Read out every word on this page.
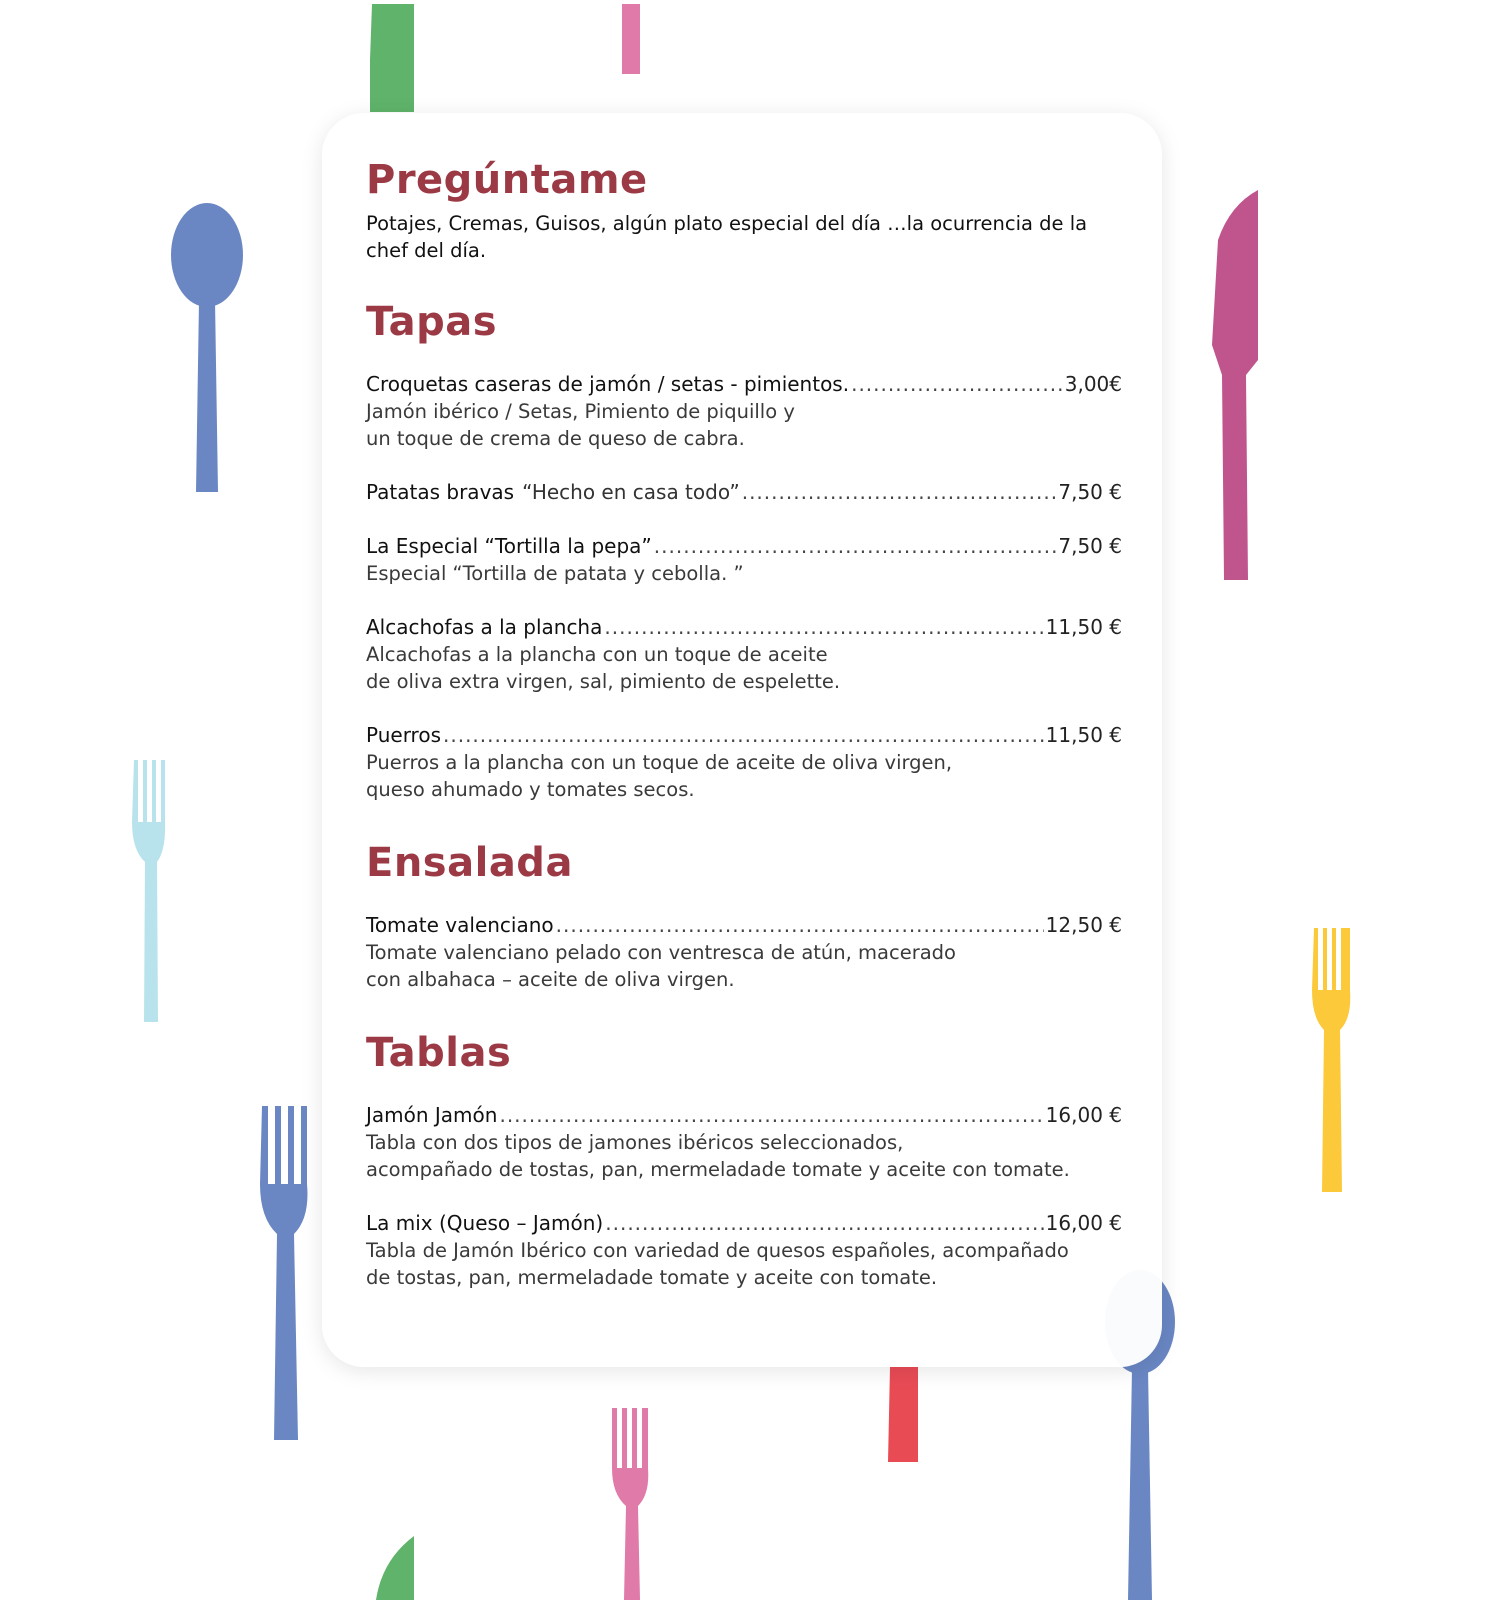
Pregúntame

Potajes, Cremas, Guisos, algún plato especial del día …la ocurrencia de la
chef del día.

Tapas
Croquetas caseras de jamón / setas - pimientos. .....	3,00€

Jamón ibérico / Setas, Pimiento de piquillo y
un toque de crema de queso de cabra.

Patatas bravas “Hecho en casa todo” .....	7,50 €
La Especial “Tortilla la pepa” .....	7,50 €

Especial “Tortilla de patata y cebolla. ”

Alcachofas a la plancha .....	11,50 €

Alcachofas a la plancha con un toque de aceite
de oliva extra virgen, sal, pimiento de espelette.

Puerros .....	11,50 €

Puerros a la plancha con un toque de aceite de oliva virgen,
queso ahumado y tomates secos.

Ensalada
Tomate valenciano .....	12,50 €

Tomate valenciano pelado con ventresca de atún, macerado
con albahaca – aceite de oliva virgen.

Tablas
Jamón Jamón .....	16,00 €

Tabla con dos tipos de jamones ibéricos seleccionados,
acompañado de tostas, pan, mermeladade tomate y aceite con tomate.

La mix (Queso – Jamón) .....	16,00 €

Tabla de Jamón Ibérico con variedad de quesos españoles, acompañado
de tostas, pan, mermeladade tomate y aceite con tomate.
